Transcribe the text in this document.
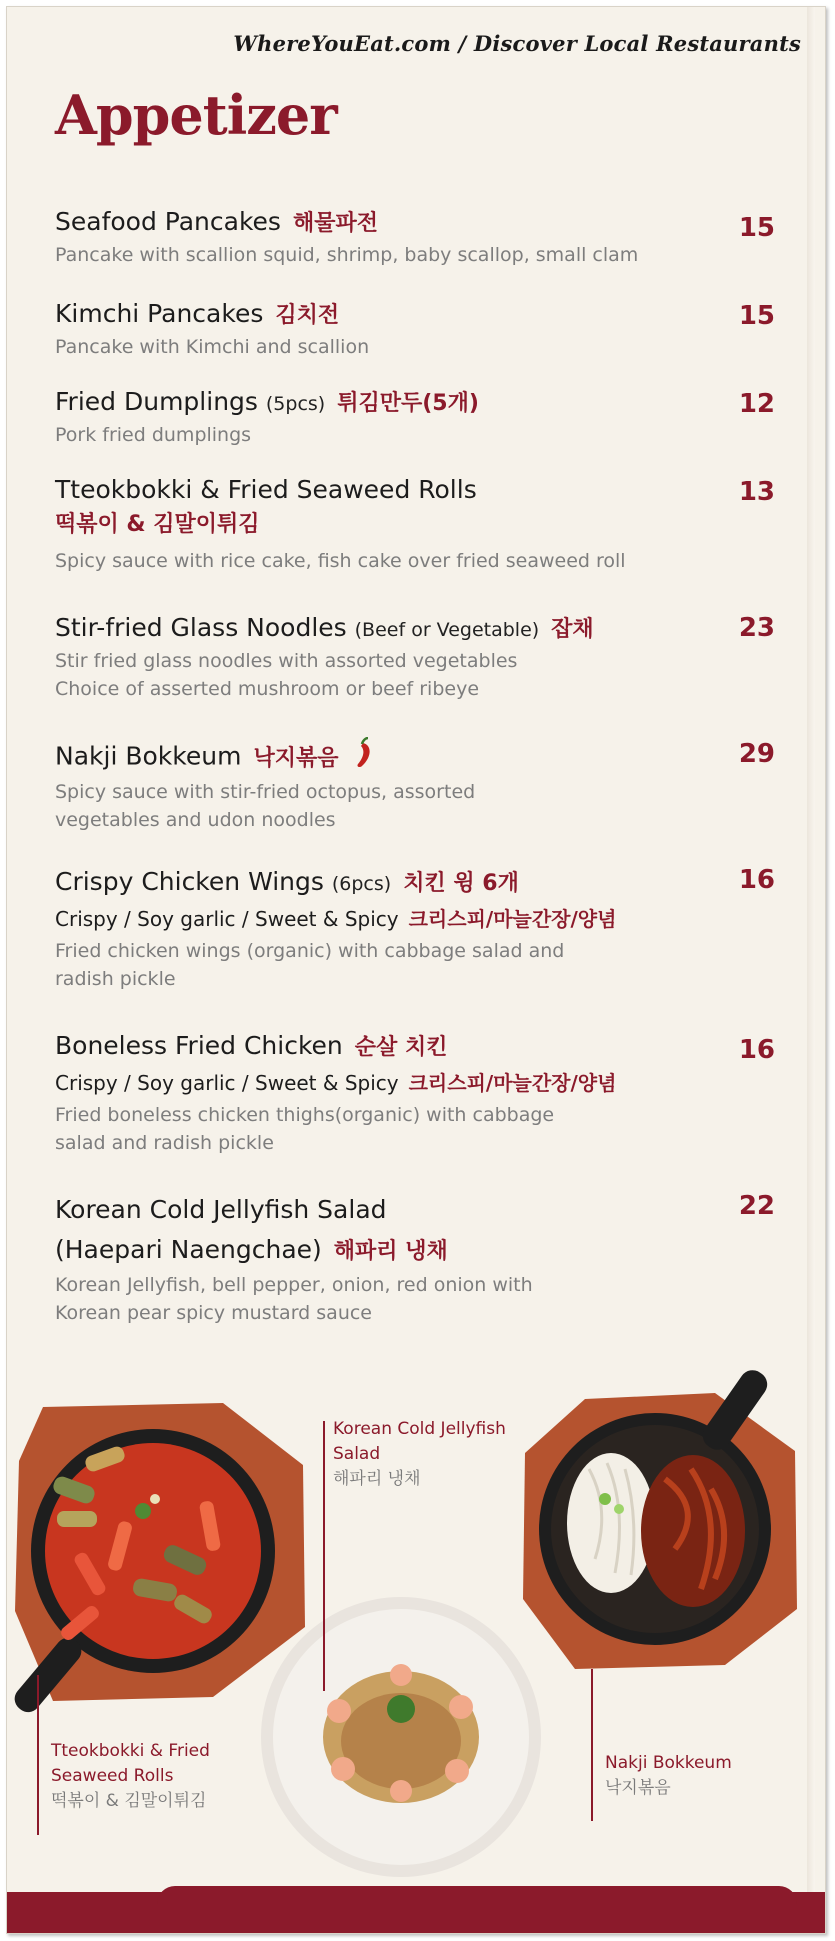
WhereYouEat.com / Discover Local Restaurants
Appetizer
Seafood Pancakes 해물파전
Pancake with scallion squid, shrimp, baby scallop, small clam
15
Kimchi Pancakes 김치전
Pancake with Kimchi and scallion
15
Fried Dumplings (5pcs) 튀김만두(5개)
Pork fried dumplings
12
Tteokbokki & Fried Seaweed Rolls
떡볶이 & 김말이튀김
Spicy sauce with rice cake, fish cake over fried seaweed roll
13
Stir-fried Glass Noodles (Beef or Vegetable) 잡채
Stir fried glass noodles with assorted vegetables
Choice of asserted mushroom or beef ribeye
23
Nakji Bokkeum 낙지볶음
Spicy sauce with stir-fried octopus, assorted
vegetables and udon noodles
29
Crispy Chicken Wings (6pcs) 치킨 윙 6개
Crispy / Soy garlic / Sweet & Spicy 크리스피/마늘간장/양념
Fried chicken wings (organic) with cabbage salad and
radish pickle
16
Boneless Fried Chicken 순살 치킨
Crispy / Soy garlic / Sweet & Spicy 크리스피/마늘간장/양념
Fried boneless chicken thighs(organic) with cabbage
salad and radish pickle
16
Korean Cold Jellyfish Salad
(Haepari Naengchae) 해파리 냉채
Korean Jellyfish, bell pepper, onion, red onion with
Korean pear spicy mustard sauce
22
Korean Cold Jellyfish
Salad
해파리 냉채
Tteokbokki & Fried
Seaweed Rolls
떡볶이 & 김말이튀김
Nakji Bokkeum
낙지볶음
